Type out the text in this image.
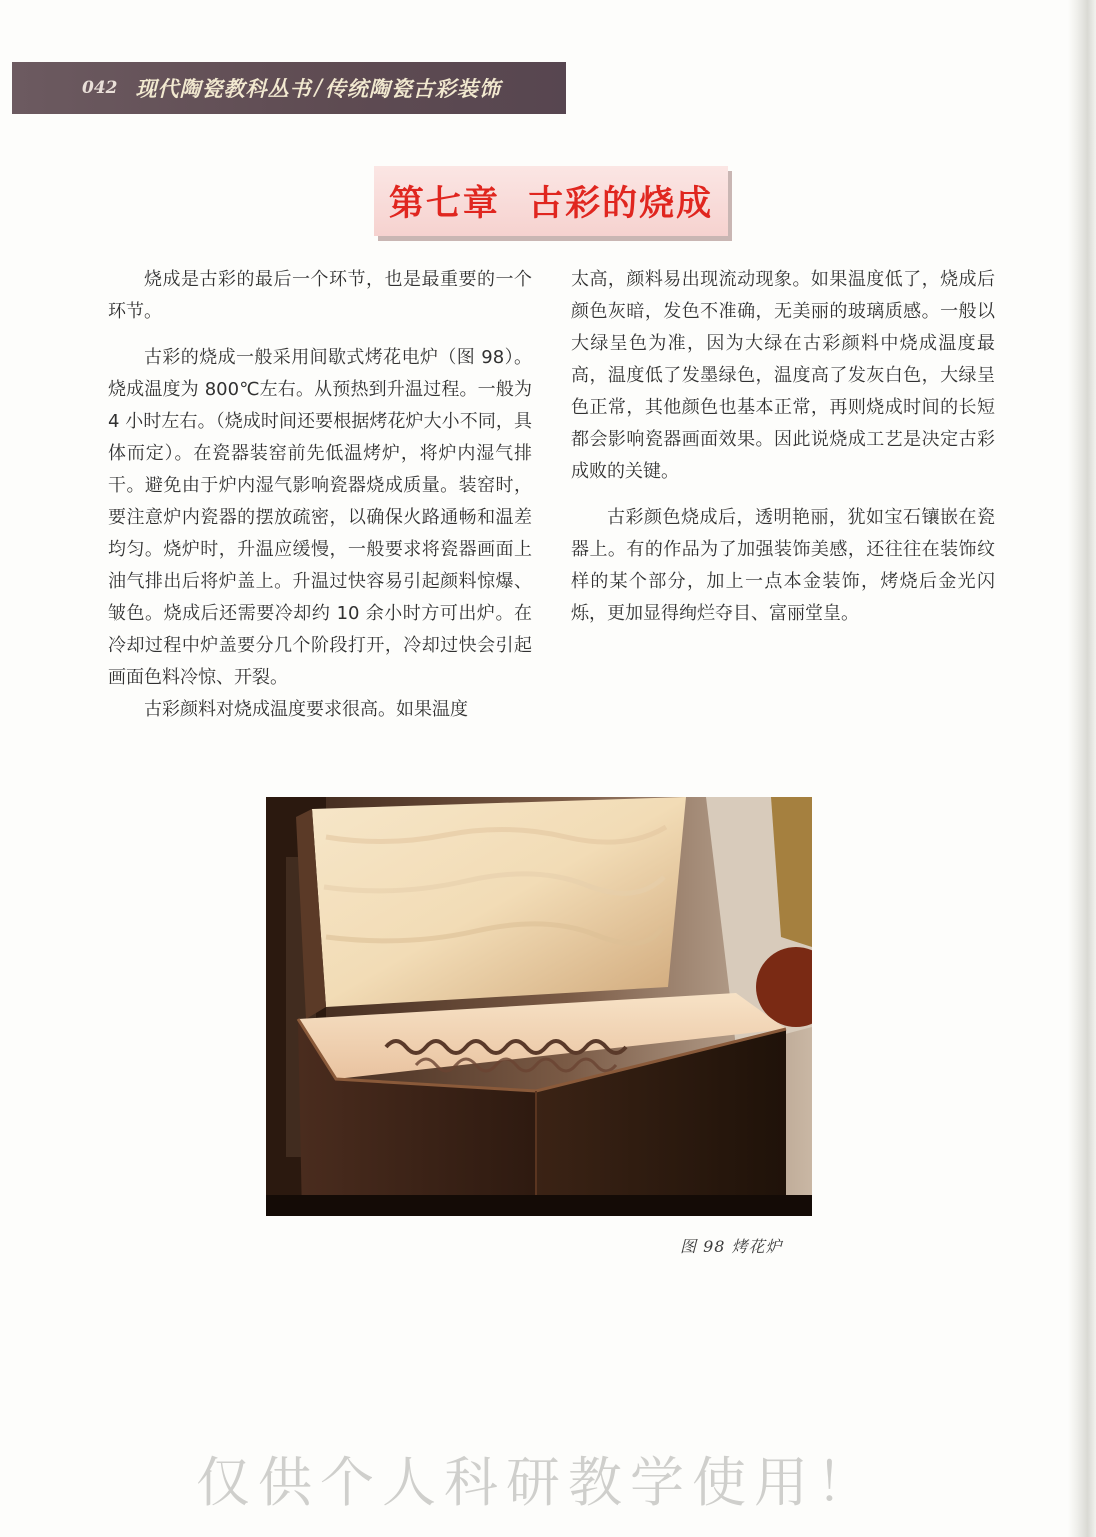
042 现代陶瓷教科丛书 / 传统陶瓷古彩装饰
第七章  古彩的烧成

烧成是古彩的最后一个环节，也是最重要的一个环节。

古彩的烧成一般采用间歇式烤花电炉（图 98）。烧成温度为 800℃左右。从预热到升温过程。一般为 4 小时左右。（烧成时间还要根据烤花炉大小不同，具体而定）。在瓷器装窑前先低温烤炉，将炉内湿气排干。避免由于炉内湿气影响瓷器烧成质量。装窑时，要注意炉内瓷器的摆放疏密，以确保火路通畅和温差均匀。烧炉时，升温应缓慢，一般要求将瓷器画面上油气排出后将炉盖上。升温过快容易引起颜料惊爆、皱色。烧成后还需要冷却约 10 余小时方可出炉。在冷却过程中炉盖要分几个阶段打开，冷却过快会引起画面色料冷惊、开裂。

古彩颜料对烧成温度要求很高。如果温度

太高，颜料易出现流动现象。如果温度低了，烧成后颜色灰暗，发色不准确，无美丽的玻璃质感。一般以大绿呈色为准，因为大绿在古彩颜料中烧成温度最高，温度低了发墨绿色，温度高了发灰白色，大绿呈色正常，其他颜色也基本正常，再则烧成时间的长短都会影响瓷器画面效果。因此说烧成工艺是决定古彩成败的关键。

古彩颜色烧成后，透明艳丽，犹如宝石镶嵌在瓷器上。有的作品为了加强装饰美感，还往往在装饰纹样的某个部分，加上一点本金装饰，烤烧后金光闪烁，更加显得绚烂夺目、富丽堂皇。

图 98 烤花炉
仅供个人科研教学使用！
